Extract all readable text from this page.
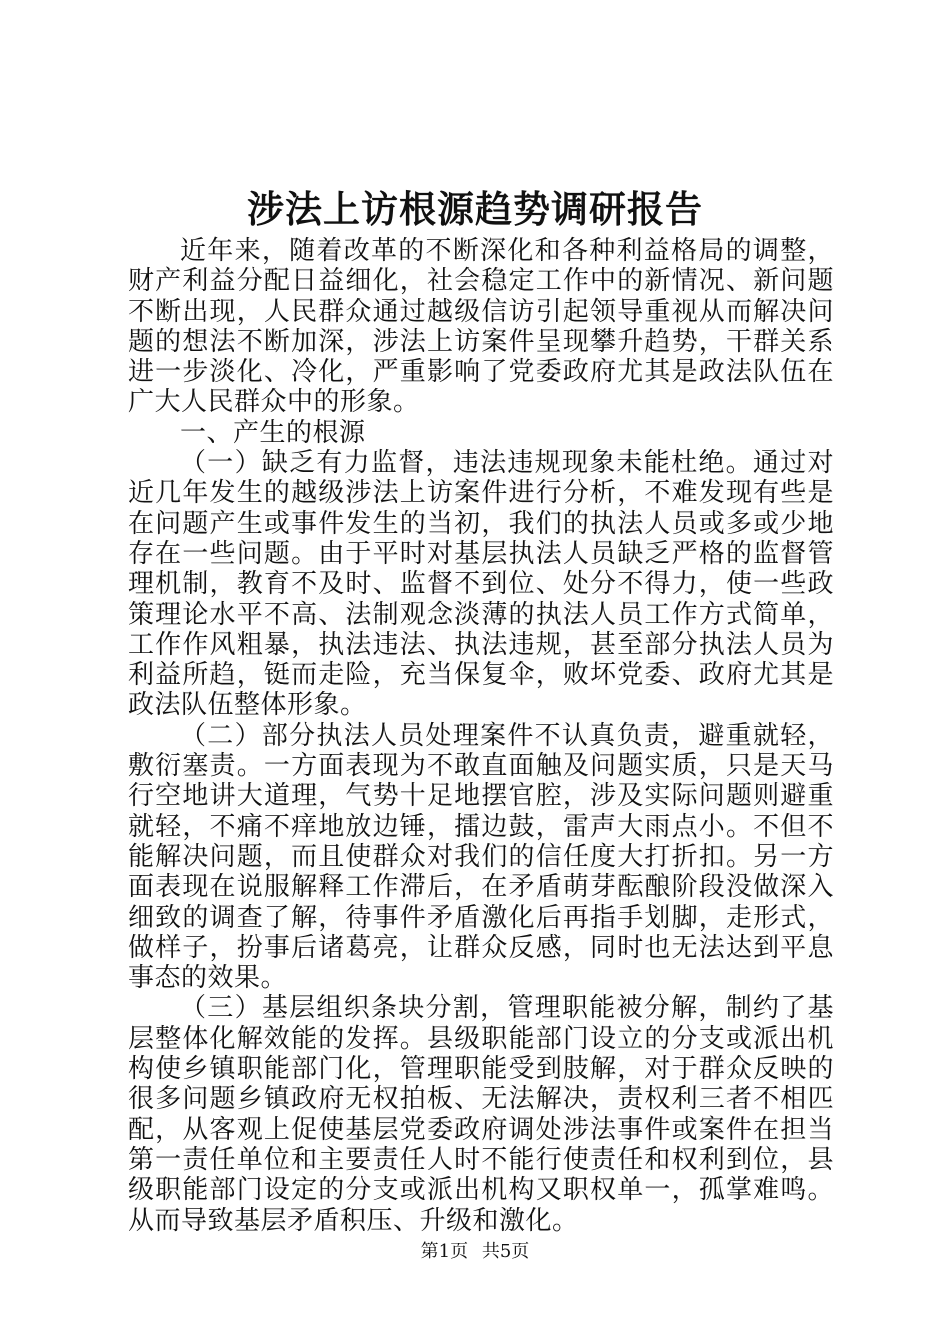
涉法上访根源趋势调研报告

近年来，随着改革的不断深化和各种利益格局的调整，财产利益分配日益细化，社会稳定工作中的新情况、新问题不断出现，人民群众通过越级信访引起领导重视从而解决问题的想法不断加深，涉法上访案件呈现攀升趋势，干群关系进一步淡化、冷化，严重影响了党委政府尤其是政法队伍在广大人民群众中的形象。

一、产生的根源

（一）缺乏有力监督，违法违规现象未能杜绝。通过对近几年发生的越级涉法上访案件进行分析，不难发现有些是在问题产生或事件发生的当初，我们的执法人员或多或少地存在一些问题。由于平时对基层执法人员缺乏严格的监督管理机制，教育不及时、监督不到位、处分不得力，使一些政策理论水平不高、法制观念淡薄的执法人员工作方式简单，工作作风粗暴，执法违法、执法违规，甚至部分执法人员为利益所趋，铤而走险，充当保复伞，败坏党委、政府尤其是政法队伍整体形象。

（二）部分执法人员处理案件不认真负责，避重就轻，敷衍塞责。一方面表现为不敢直面触及问题实质，只是天马行空地讲大道理，气势十足地摆官腔，涉及实际问题则避重就轻，不痛不痒地放边锤，擂边鼓，雷声大雨点小。不但不能解决问题，而且使群众对我们的信任度大打折扣。另一方面表现在说服解释工作滞后，在矛盾萌芽酝酿阶段没做深入细致的调查了解，待事件矛盾激化后再指手划脚，走形式，做样子，扮事后诸葛亮，让群众反感，同时也无法达到平息事态的效果。

（三）基层组织条块分割，管理职能被分解，制约了基层整体化解效能的发挥。县级职能部门设立的分支或派出机构使乡镇职能部门化，管理职能受到肢解，对于群众反映的很多问题乡镇政府无权拍板、无法解决，责权利三者不相匹配，从客观上促使基层党委政府调处涉法事件或案件在担当第一责任单位和主要责任人时不能行使责任和权利到位，县级职能部门设定的分支或派出机构又职权单一，孤掌难鸣。从而导致基层矛盾积压、升级和激化。

第1页 共5页
